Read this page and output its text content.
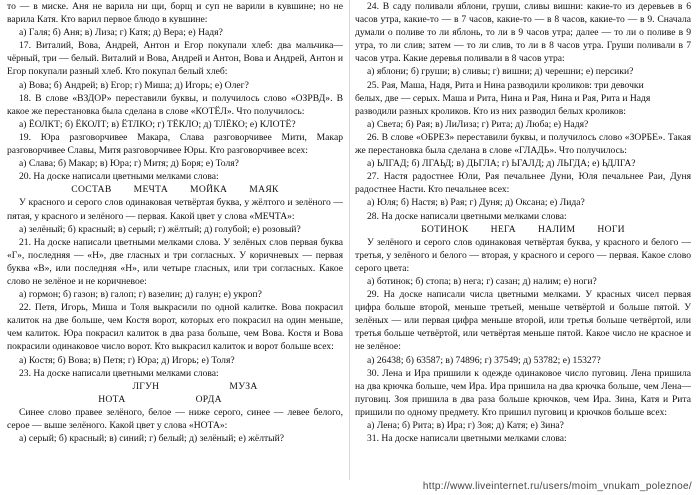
то — в миске. Аня не варила ни щи, борщ и суп не варили в кувшине; но не варила Катя. Кто варил первое блюдо в кувшине:

а) Галя; б) Аня; в) Лиза; г) Катя; д) Вера; е) Надя?

17. Виталий, Вова, Андрей, Антон и Егор покупали хлеб: два мальчика— чёрный, три — белый. Виталий и Вова, Андрей и Антон, Вова и Андрей, Антон и Егор покупали разный хлеб. Кто покупал белый хлеб:

а) Вова; б) Андрей; в) Егор; г) Миша; д) Игорь; е) Олег?

18. В слове «ВЗДОР» переставили буквы, и получилось слово «ОЗРВД». В какое же перестановка была сделана в слове «КОТЁЛ». Что получилось:

а) ЁОЛКТ; б) ЁКОЛТ; в) ЁТЛКО; г) ТЁКЛО; д) ТЛЁКО; е) КЛОТЁ?

19. Юра разговорчивее Макара, Слава разговорчивее Мити, Макар разговорчивее Славы, Митя разговорчивее Юры. Кто разговорчивее всех:

а) Слава; б) Макар; в) Юра; г) Митя; д) Боря; е) Толя?

20. На доске написали цветными мелками слова:

СОСТАВ МЕЧТА МОЙКА МАЯК

У красного и серого слов одинаковая четвёртая буква, у жёлтого и зелёного — пятая, у красного и зелёного — первая. Какой цвет у слова «МЕЧТА»:

а) зелёный; б) красный; в) серый; г) жёлтый; д) голубой; е) розовый?

21. На доске написали цветными мелками слова. У зелёных слов первая буква «Г», последняя — «Н», две гласных и три согласных. У коричневых — первая буква «В», или последняя «Н», или четыре гласных, или три согласных. Какое слово не зелёное и не коричневое:

а) гормон; б) газон; в) галоп; г) вазелин; д) галун; е) укроп?

22. Петя, Игорь, Миша и Толя выкрасили по одной калитке. Вова покрасил калиток на две больше, чем Костя ворот, которых его покрасил на один меньше, чем калиток. Юра покрасил калиток в два раза больше, чем Вова. Костя и Вова покрасили одинаковое число ворот. Кто выкрасил калиток и ворот больше всех:

а) Костя; б) Вова; в) Петя; г) Юра; д) Игорь; е) Толя?

23. На доске написали цветными мелками слова:

ЛГУН	МУЗА
НОТА	ОРДА

Синее слово правее зелёного, белое — ниже серого, синее — левее белого, серое — выше зелёного. Какой цвет у слова «НОТА»:

а) серый; б) красный; в) синий; г) белый; д) зелёный; е) жёлтый?

24. В саду поливали яблони, груши, сливы вишни: какие-то из деревьев в 6 часов утра, какие-то — в 7 часов, какие-то — в 8 часов, какие-то — в 9. Сначала думали о поливе то ли яблонь, то ли в 9 часов утра; далее — то ли о поливе в 9 утра, то ли слив; затем — то ли слив, то ли в 8 часов утра. Груши поливали в 7 часов утра. Какие деревья поливали в 8 часов утра:

а) яблони; б) груши; в) сливы; г) вишни; д) черешни; е) персики?

25. Рая, Маша, Надя, Рита и Нина разводили кроликов: три девочки

белых, две — серых. Маша и Рита, Нина и Рая, Нина и Рая, Рита и Надя

разводили разных кроликов. Кто из них разводил белых кроликов:

а) Света; б) Рая; в) ЛиЛиза; г) Рита; д) Люба; е) Надя?

26. В слове «ОБРЕЗ» переставили буквы, и получилось слово «ЗОРБЕ». Такая же перестановка была сделана в слове «ГЛАДЬ». Что получилось:

а) ЬЛГАД; б) ЛГАЬД; в) ДЬГЛА; г) ЬГАЛД; д) ЛЬГДА; е) ЬДЛГА?

27. Настя радостнее Юли, Рая печальнее Дуни, Юля печальнее Раи, Дуня радостнее Насти. Кто печальнее всех:

а) Юля; б) Настя; в) Рая; г) Дуня; д) Оксана; е) Лида?

28. На доске написали цветными мелками слова:

БОТИНОК НЕГА НАЛИМ НОГИ

У зелёного и серого слов одинаковая четвёртая буква, у красного и белого — третья, у зелёного и белого — вторая, у красного и серого — первая. Какое слово серого цвета:

а) ботинок; б) стопа; в) нега; г) сазан; д) налим; е) ноги?

29. На доске написали числа цветными мелками. У красных чисел первая цифра больше второй, меньше третьей, меньше четвёртой и больше пятой. У зелёных — или первая цифра меньше второй, или третья больше четвёртой, или третья больше четвёртой, или четвёртая меньше пятой. Какое число не красное и не зелёное:

а) 26438; б) 63587; в) 74896; г) 37549; д) 53782; е) 15327?

30. Лена и Ира пришили к одежде одинаковое число пуговиц. Лена пришила на два крючка больше, чем Ира. Ира пришила на два крючка больше, чем Лена— пуговиц. Зоя пришила в два раза больше крючков, чем Ира. Зина, Катя и Рита пришили по одному предмету. Кто пришил пуговиц и крючков больше всех:

а) Лена; б) Рита; в) Ира; г) Зоя; д) Катя; е) Зина?

31. На доске написали цветными мелками слова:

http://www.liveinternet.ru/users/moim_vnukam_poleznoe/
